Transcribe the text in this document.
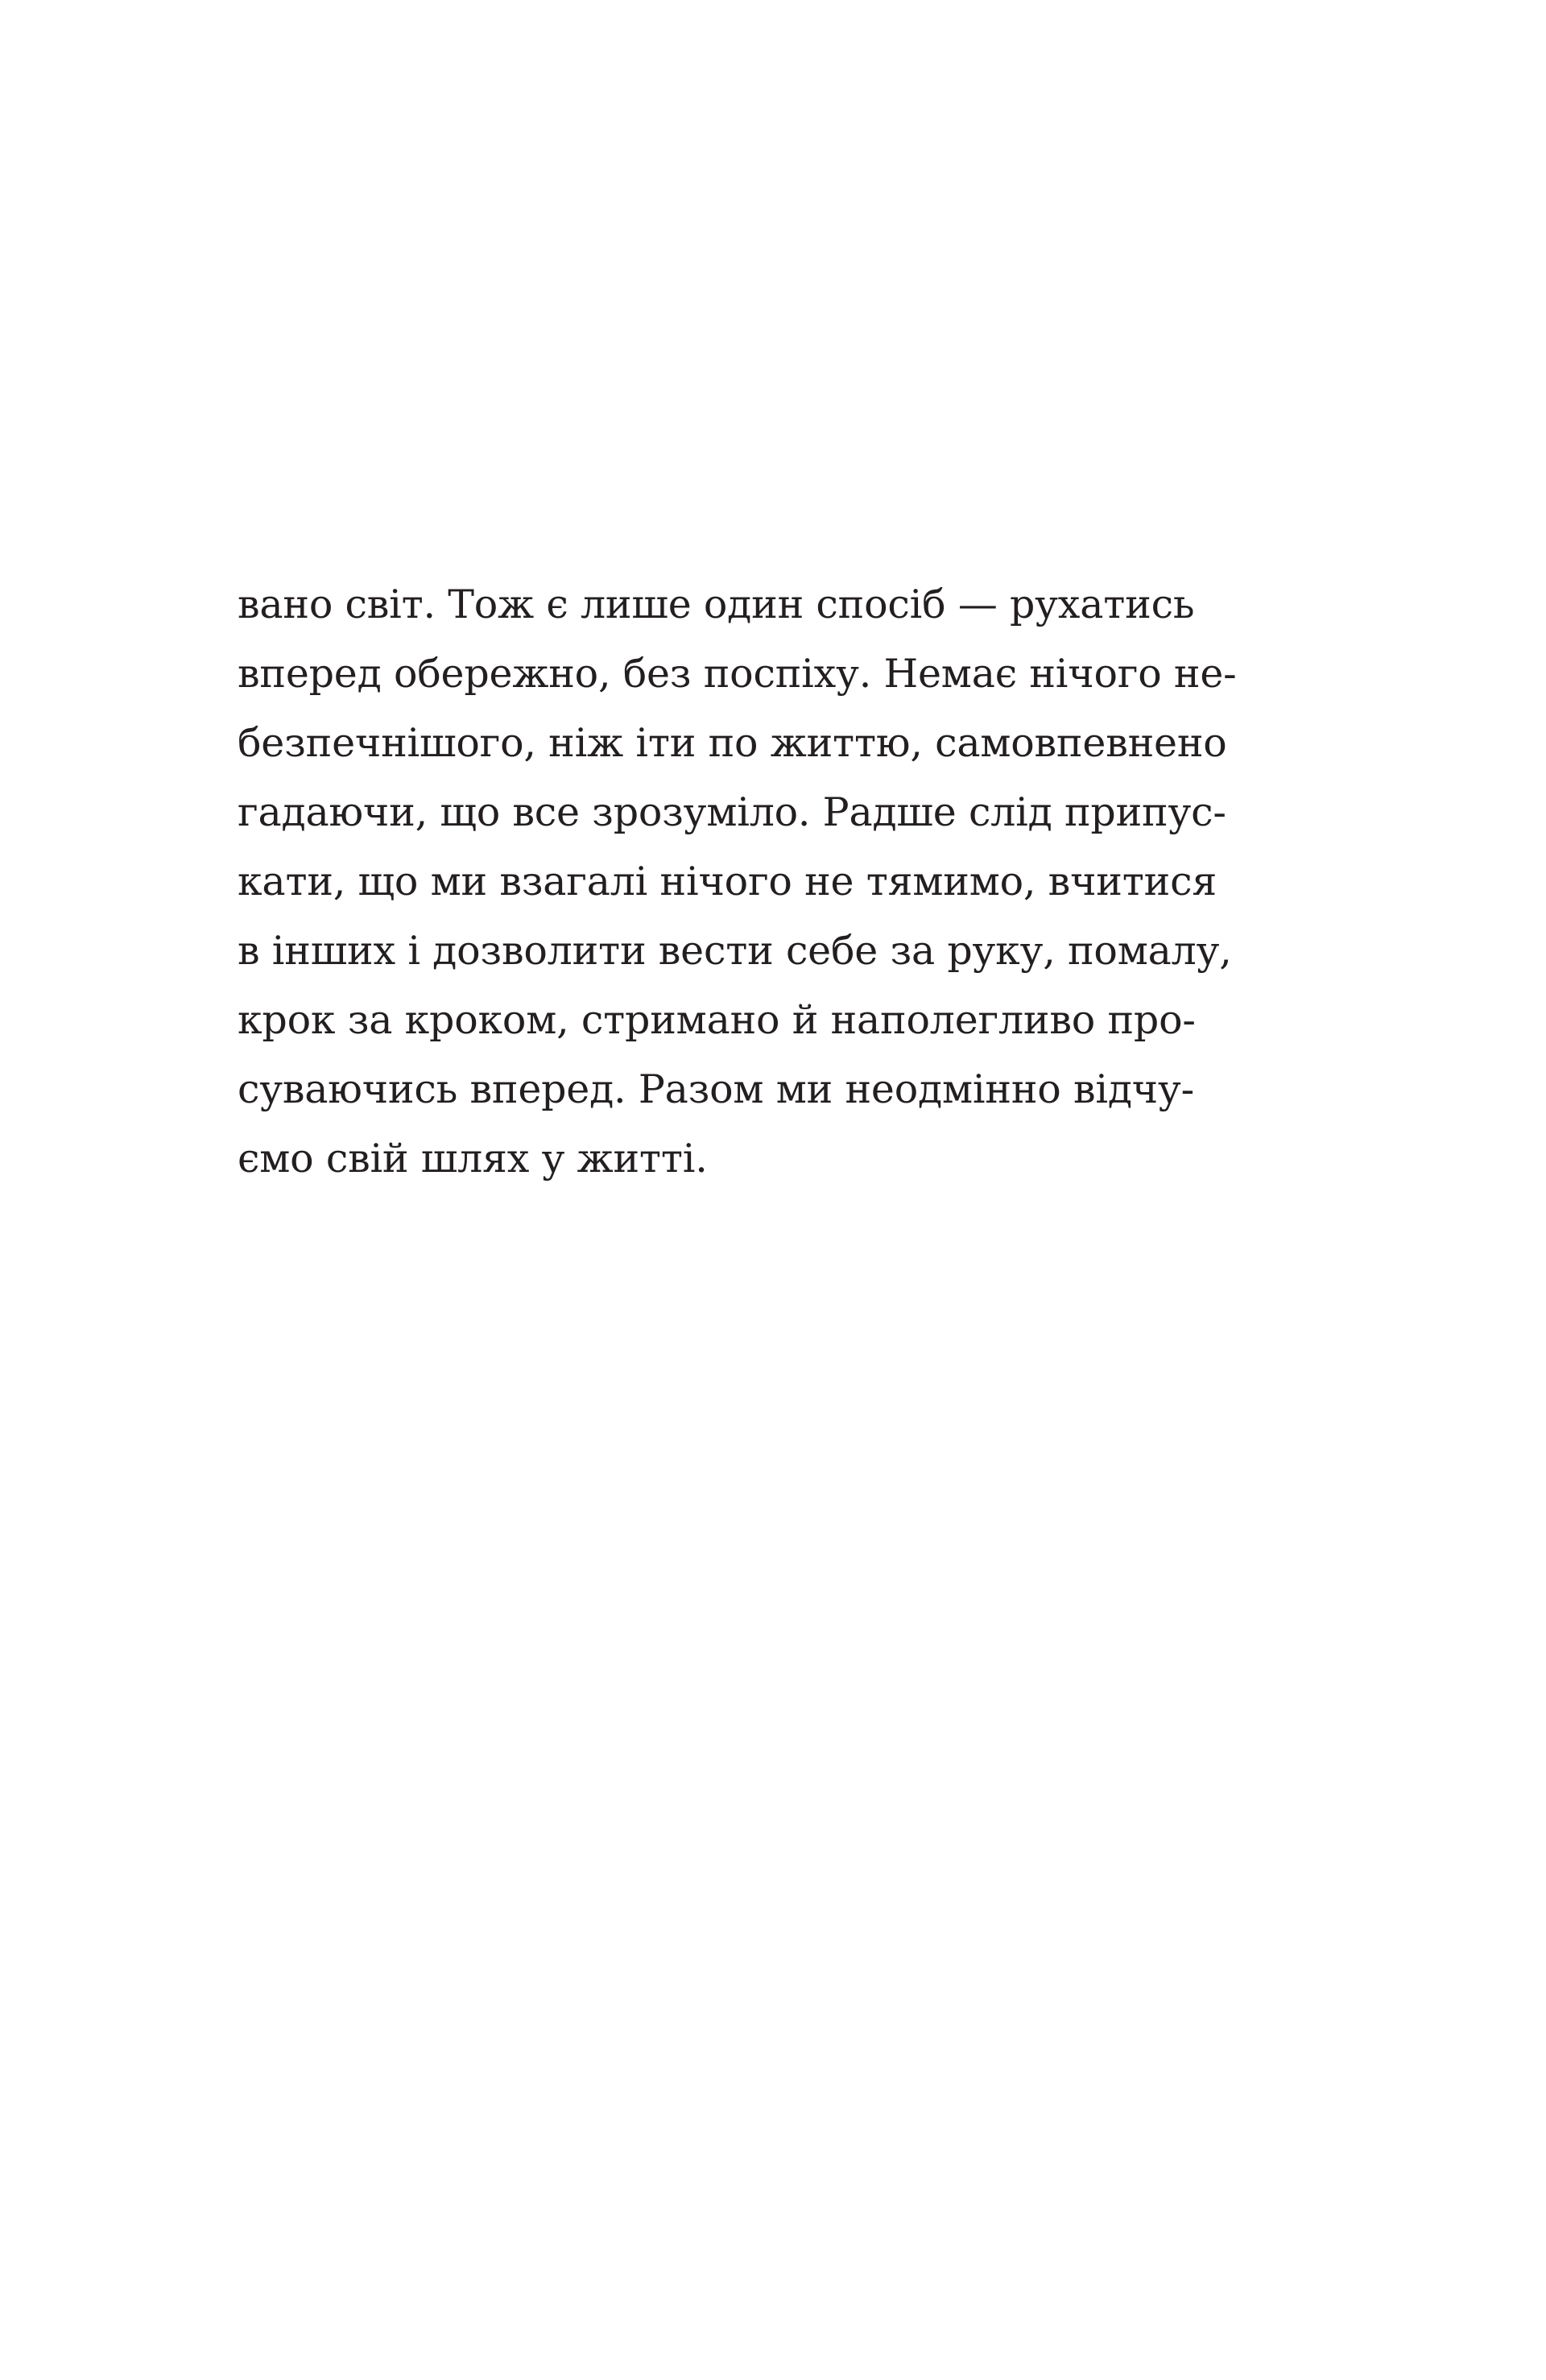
вано світ. Тож є лише один спосіб — рухатись
вперед обережно, без поспіху. Немає нічого не-
безпечнішого, ніж іти по життю, самовпевнено
гадаючи, що все зрозуміло. Радше слід припус-
кати, що ми взагалі нічого не тямимо, вчитися
в інших і дозволити вести себе за руку, помалу,
крок за кроком, стримано й наполегливо про-
суваючись вперед. Разом ми неодмінно відчу-
ємо свій шлях у житті.
